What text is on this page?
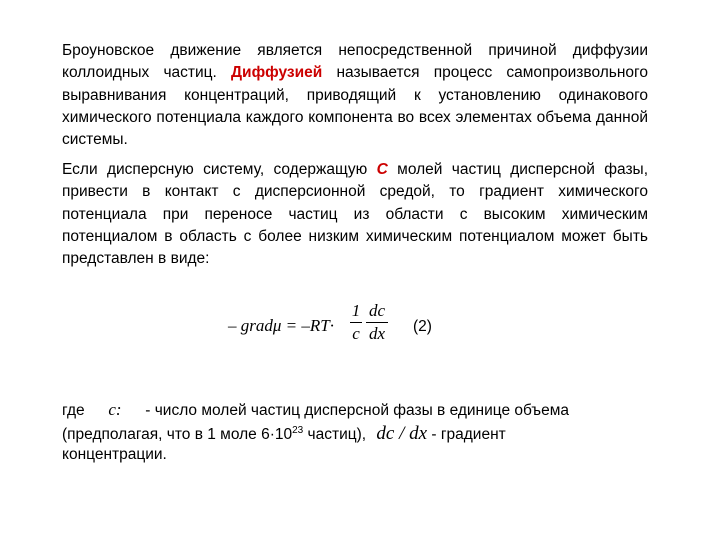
Броуновское движение является непосредственной причиной диффузии коллоидных частиц. Диффузией называется процесс самопроизвольного выравнивания концентраций, приводящий к установлению одинакового химического потенциала каждого компонента во всех элементах объема данной системы.
Если дисперсную систему, содержащую C молей частиц дисперсной фазы, привести в контакт с дисперсионной средой, то градиент химического потенциала при переносе частиц из области с высоким химическим потенциалом в область с более низким химическим потенциалом может быть представлен в виде:
– gradμ = –RT·
1
c
dc
dx (2)
где c: - число молей частиц дисперсной фазы в единице объема
(предполагая, что в 1 моле $6\cdot 10^{23}$ частиц), dc / dx - градиент
концентрации.
